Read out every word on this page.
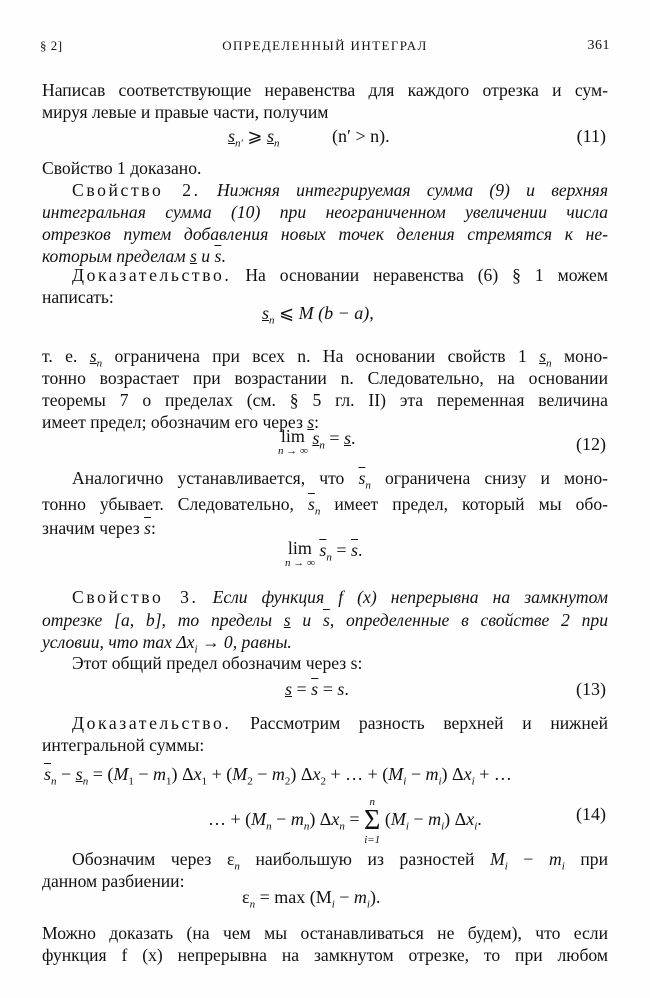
§ 2]	ОПРЕДЕЛЕННЫЙ ИНТЕГРАЛ	361
Написав соответствующие неравенства для каждого отрезка и сум-
мируя левые и правые части, получим
$s_{n'}$ ⩾ $s_n$	(n′ > n).	(11)
Свойство 1 доказано.
Свойство 2. Нижняя интегрируемая сумма (9) и верхняя
интегральная сумма (10) при неограниченном увеличении числа
отрезков путем добавления новых точек деления стремятся к не-
которым пределам s и $\overline{s}$.
Доказательство. На основании неравенства (6) § 1 можем
написать:
$s_n$ ⩽ M (b − a),
т. е. $s_n$ ограничена при всех n. На основании свойств 1 $s_n$ моно-
тонно возрастает при возрастании n. Следовательно, на основании
теоремы 7 о пределах (см. § 5 гл. II) эта переменная величина
имеет предел; обозначим его через s:
lim
n → ∞
$s_n = s$.	(12)
Аналогично устанавливается, что $\overline{s}_n$ ограничена снизу и моно-
тонно убывает. Следовательно, $\overline{s}_n$ имеет предел, который мы обо-
значим через $\overline{s}$:
lim
n → ∞
$\overline{s}_n = \overline{s}$.
Свойство 3. Если функция f (x) непрерывна на замкнутом
отрезке [a, b], то пределы s и $\overline{s}$, определенные в свойстве 2 при
условии, что $\max \Delta x_i \to 0$, равны.
Этот общий предел обозначим через s:
$s = \overline{s} = s$.	(13)
Доказательство. Рассмотрим разность верхней и нижней
интегральной суммы:
$\overline{s}_n - s_n = (M_1 - m_1) \Delta x_1 + (M_2 - m_2) \Delta x_2$ + … + $(M_i - m_i) \Delta x_i$ + …
… + $(M_n - m_n) \Delta x_n$ =
n
Σ
i=1
$(M_i - m_i)$ $\Delta x_i$.	(14)
Обозначим через $\varepsilon_n$ наибольшую из разностей $M_i - m_i$ при
данном разбиении:
$\varepsilon_n = \max (M_i - m_i)$.
Можно доказать (на чем мы останавливаться не будем), что если
функция f (x) непрерывна на замкнутом отрезке, то при любом
